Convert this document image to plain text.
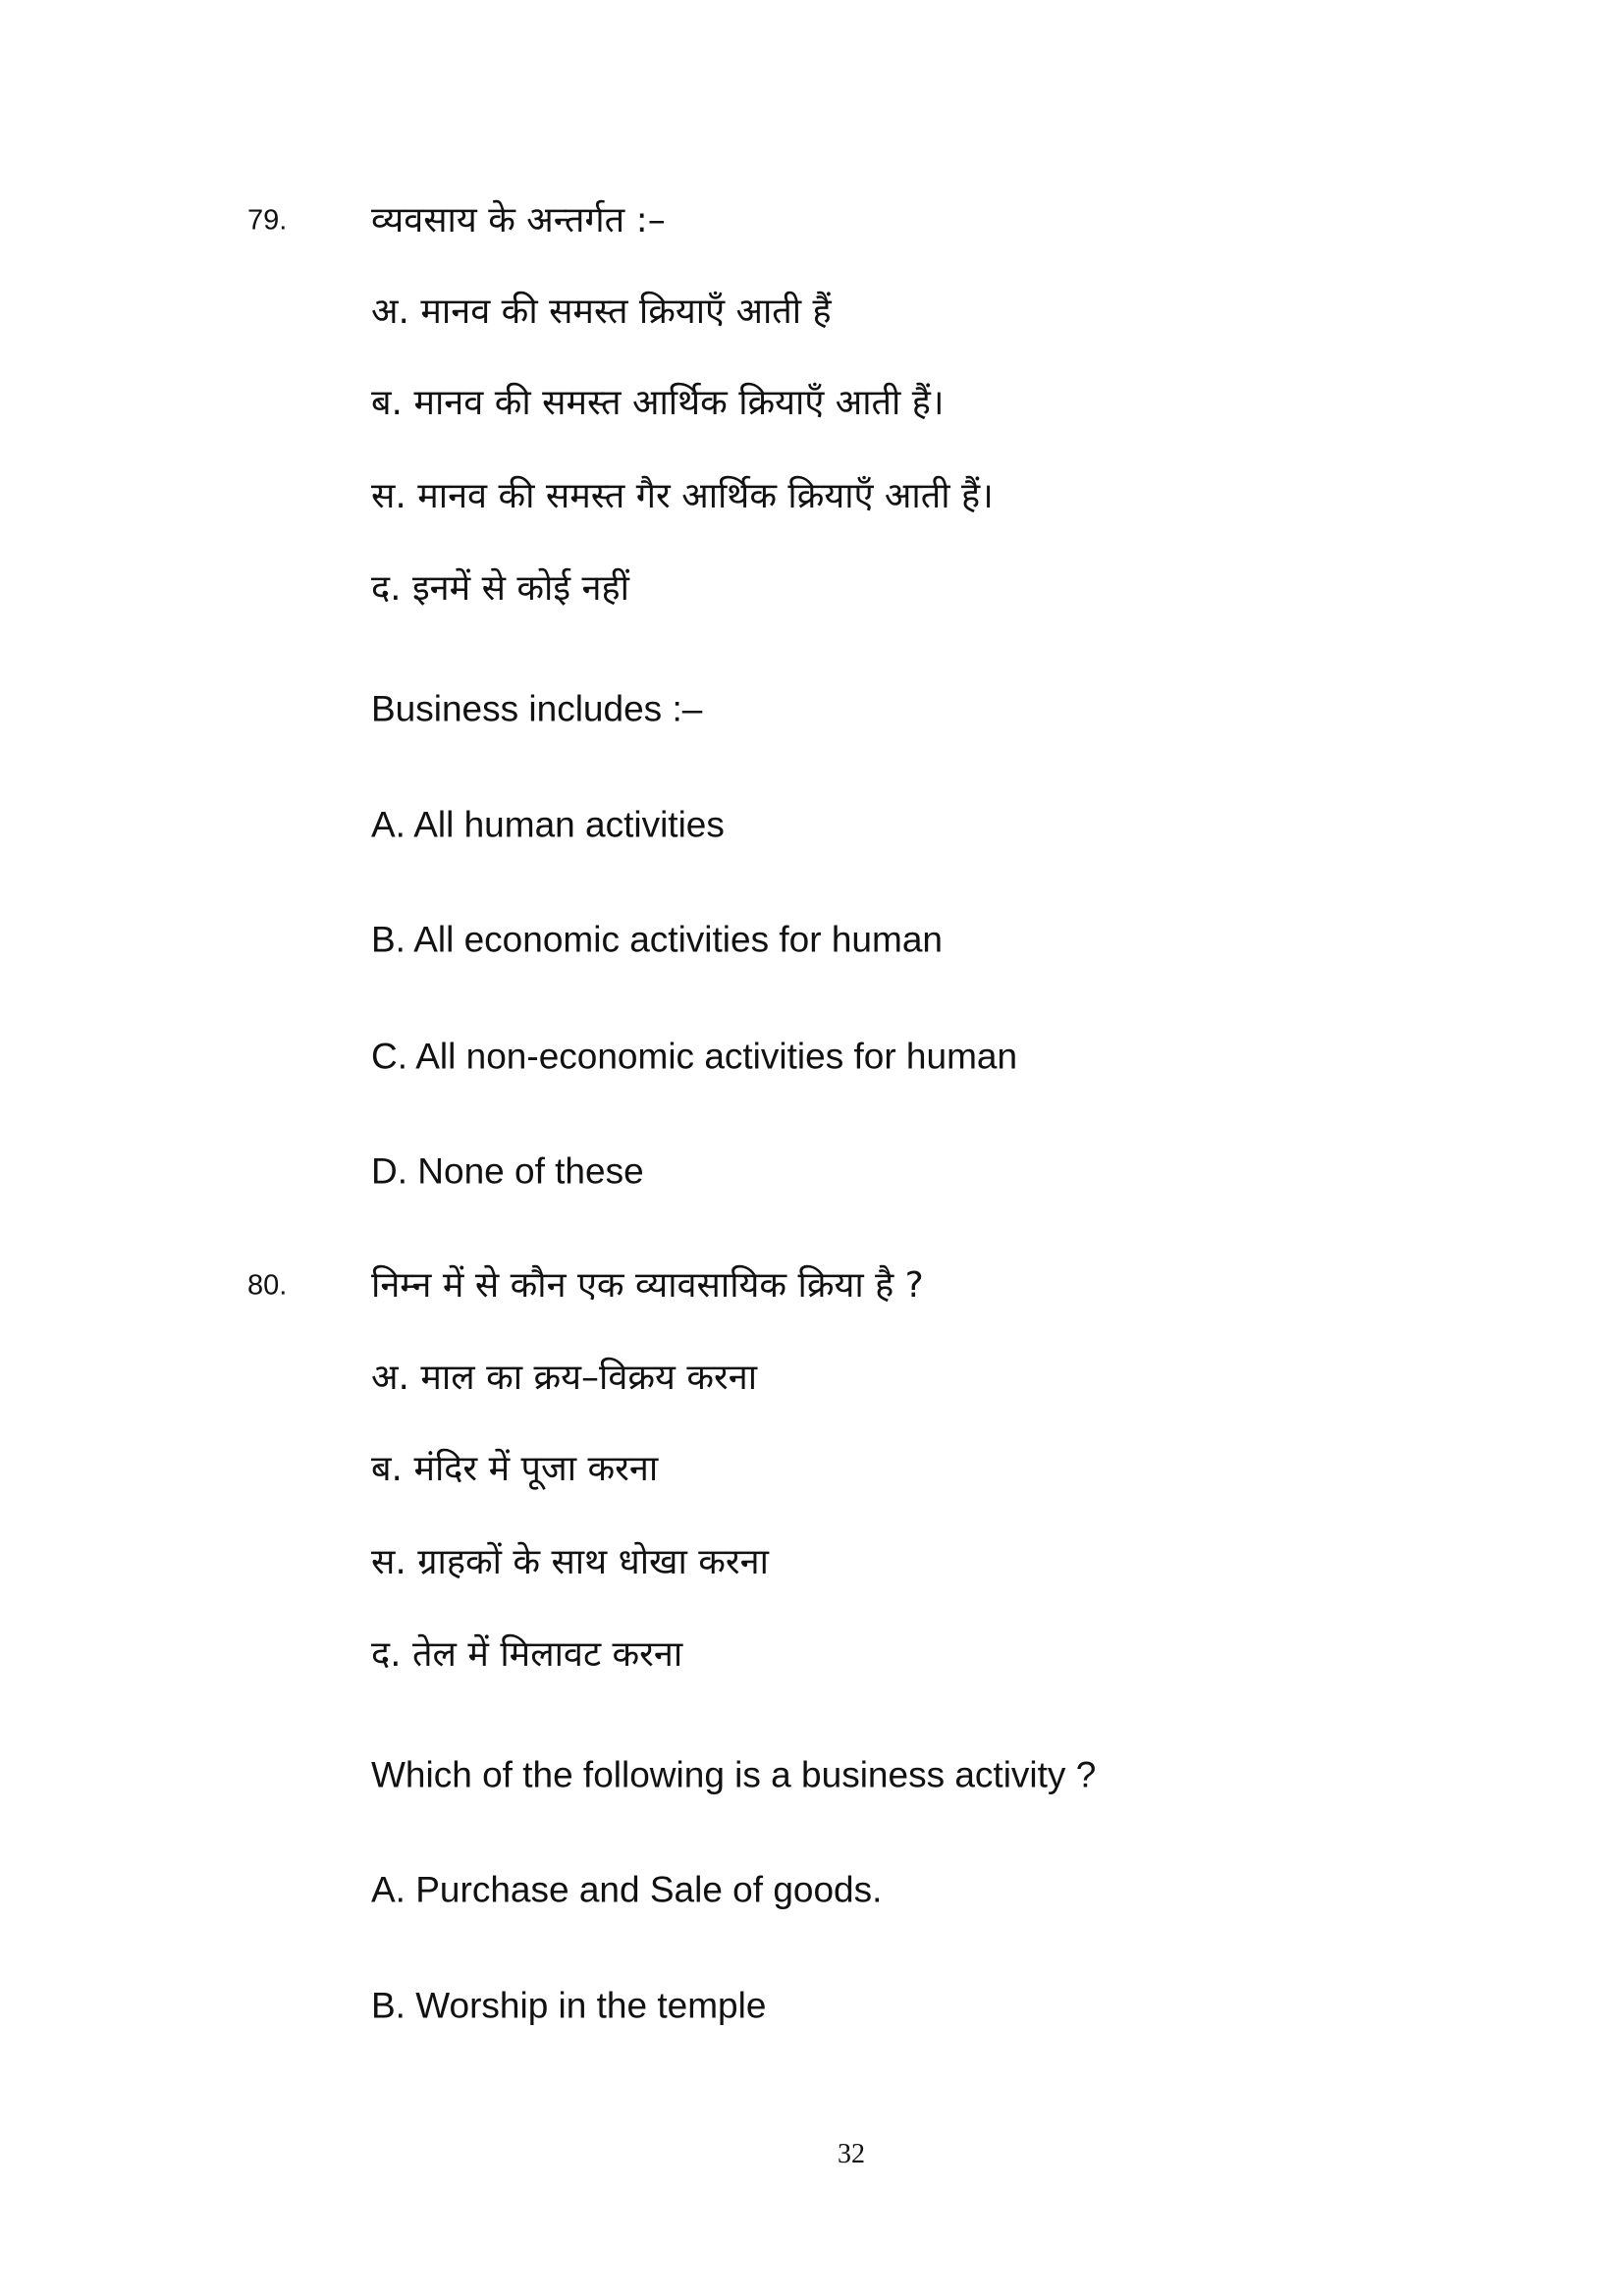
79. व्यवसाय के अन्तर्गत :–
अ. मानव की समस्त क्रियाएँ आती हैं
ब. मानव की समस्त आर्थिक क्रियाएँ आती हैं।
स. मानव की समस्त गैर आर्थिक क्रियाएँ आती हैं।
द. इनमें से कोई नहीं
Business includes :–
A. All human activities
B. All economic activities for human
C. All non-economic activities for human
D. None of these
80. निम्न में से कौन एक व्यावसायिक क्रिया है ?
अ. माल का क्रय–विक्रय करना
ब. मंदिर में पूजा करना
स. ग्राहकों के साथ धोखा करना
द. तेल में मिलावट करना
Which of the following is a business activity ?
A. Purchase and Sale of goods.
B. Worship in the temple
32
